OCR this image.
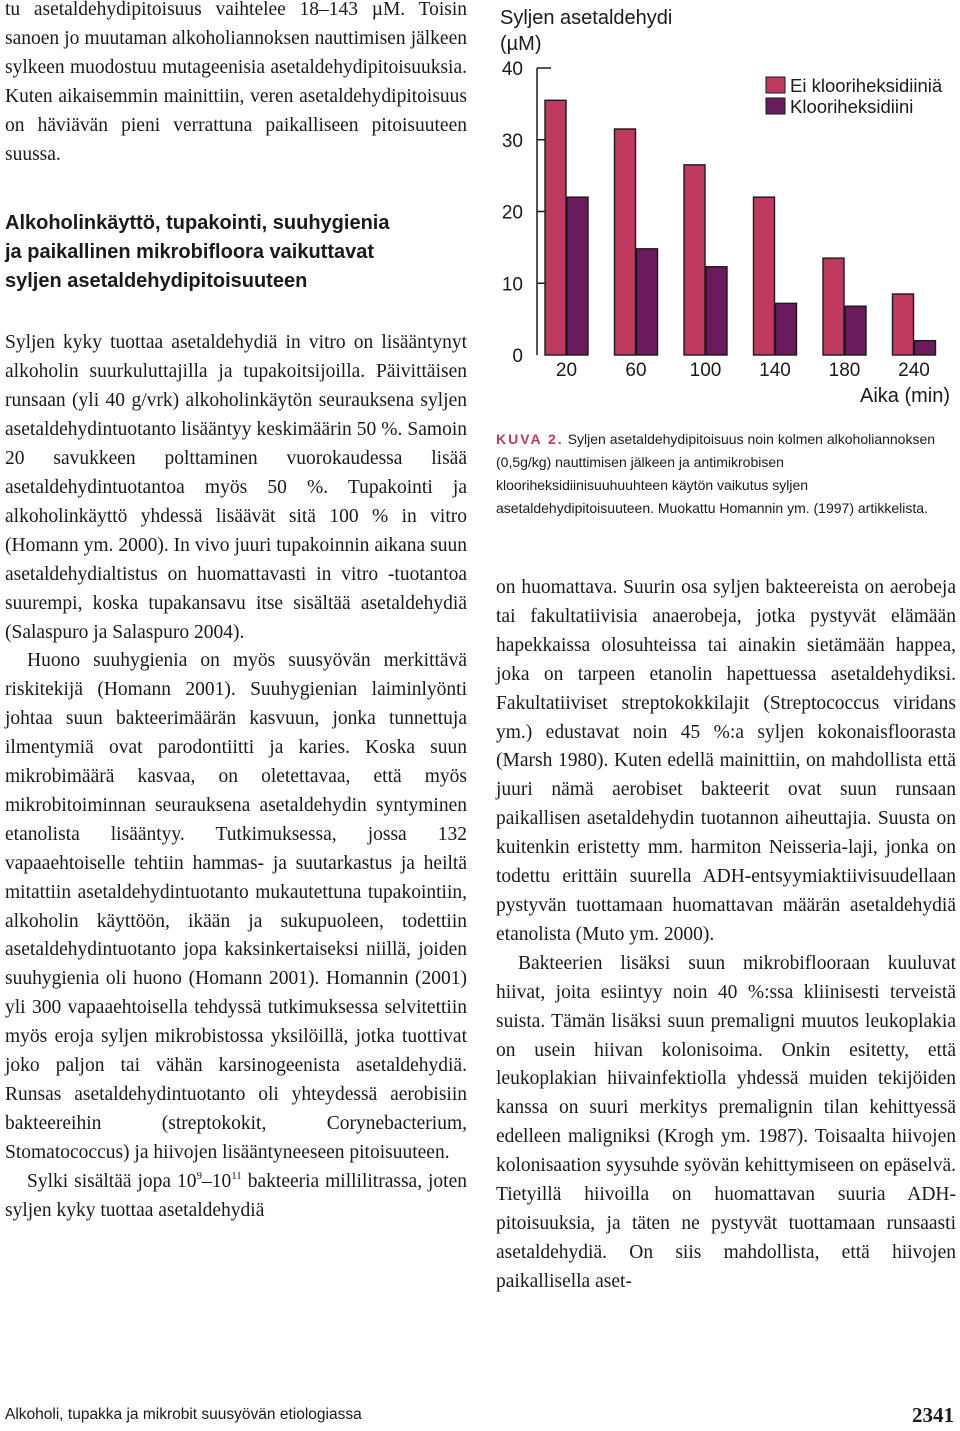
tu asetaldehydipitoisuus vaihtelee 18–143 µM. Toisin sanoen jo muutaman alkoholiannoksen nauttimisen jälkeen sylkeen muodostuu mutageenisia asetaldehydipitoisuuksia. Kuten aikaisemmin mainittiin, veren asetaldehydipitoisuus on häviävän pieni verrattuna paikalliseen pitoisuuteen suussa.

Alkoholinkäyttö, tupakointi, suuhygienia
ja paikallinen mikrobifloora vaikuttavat
syljen asetaldehydipitoisuuteen

Syljen kyky tuottaa asetaldehydiä in vitro on lisääntynyt alkoholin suurkuluttajilla ja tupakoitsijoilla. Päivittäisen runsaan (yli 40 g/vrk) alkoholinkäytön seurauksena syljen asetaldehydintuotanto lisääntyy keskimäärin 50 %. Samoin 20 savukkeen polttaminen vuorokaudessa lisää asetaldehydintuotantoa myös 50 %. Tupakointi ja alkoholinkäyttö yhdessä lisäävät sitä 100 % in vitro (Homann ym. 2000). In vivo juuri tupakoinnin aikana suun asetaldehydialtistus on huomattavasti in vitro -tuotantoa suurempi, koska tupakansavu itse sisältää asetaldehydiä (Salaspuro ja Salaspuro 2004).

Huono suuhygienia on myös suusyövän merkittävä riskitekijä (Homann 2001). Suuhygienian laiminlyönti johtaa suun bakteerimäärän kasvuun, jonka tunnettuja ilmentymiä ovat parodontiitti ja karies. Koska suun mikrobimäärä kasvaa, on oletettavaa, että myös mikrobitoiminnan seurauksena asetaldehydin syntyminen etanolista lisääntyy. Tutkimuksessa, jossa 132 vapaaehtoiselle tehtiin hammas- ja suutarkastus ja heiltä mitattiin asetaldehydintuotanto mukautettuna tupakointiin, alkoholin käyttöön, ikään ja sukupuoleen, todettiin asetaldehydintuotanto jopa kaksinkertaiseksi niillä, joiden suuhygienia oli huono (Homann 2001). Homannin (2001) yli 300 vapaaehtoisella tehdyssä tutkimuksessa selvitettiin myös eroja syljen mikrobistossa yksilöillä, jotka tuottivat joko paljon tai vähän karsinogeenista asetaldehydiä. Runsas asetaldehydintuotanto oli yhteydessä aerobisiin bakteereihin (streptokokit, Corynebacterium, Stomatococcus) ja hiivojen lisääntyneeseen pitoisuuteen.

Sylki sisältää jopa $10^9-10^{11}$ bakteeria millilitrassa, joten syljen kyky tuottaa asetaldehydiä

Syljen asetaldehydi
(µM)
0
10
20
30
40
20	60 100 140 180 240
Aika (min)
Ei klooriheksidiiniä
Klooriheksidiini
KUVA 2. Syljen asetaldehydipitoisuus noin kolmen alkoholiannoksen (0,5g/kg) nauttimisen jälkeen ja antimikrobisen klooriheksidiinisuuhuuhteen käytön vaikutus syljen asetaldehydipitoisuuteen. Muokattu Homannin ym. (1997) artikkelista.

on huomattava. Suurin osa syljen bakteereista on aerobeja tai fakultatiivisia anaerobeja, jotka pystyvät elämään hapekkaissa olosuhteissa tai ainakin sietämään happea, joka on tarpeen etanolin hapettuessa asetaldehydiksi. Fakultatiiviset streptokokkilajit (Streptococcus viridans ym.) edustavat noin 45 %:a syljen kokonaisfloorasta (Marsh 1980). Kuten edellä mainittiin, on mahdollista että juuri nämä aerobiset bakteerit ovat suun runsaan paikallisen asetaldehydin tuotannon aiheuttajia. Suusta on kuitenkin eristetty mm. harmiton Neisseria-laji, jonka on todettu erittäin suurella ADH-entsyymiaktiivisuudellaan pystyvän tuottamaan huomattavan määrän asetaldehydiä etanolista (Muto ym. 2000).

Bakteerien lisäksi suun mikrobiflooraan kuuluvat hiivat, joita esiintyy noin 40 %:ssa kliinisesti terveistä suista. Tämän lisäksi suun premaligni muutos leukoplakia on usein hiivan kolonisoima. Onkin esitetty, että leukoplakian hiivainfektiolla yhdessä muiden tekijöiden kanssa on suuri merkitys premalignin tilan kehittyessä edelleen maligniksi (Krogh ym. 1987). Toisaalta hiivojen kolonisaation syysuhde syövän kehittymiseen on epäselvä. Tietyillä hiivoilla on huomattavan suuria ADH-pitoisuuksia, ja täten ne pystyvät tuottamaan runsaasti asetaldehydiä. On siis mahdollista, että hiivojen paikallisella aset-

Alkoholi, tupakka ja mikrobit suusyövän etiologiassa	2341
